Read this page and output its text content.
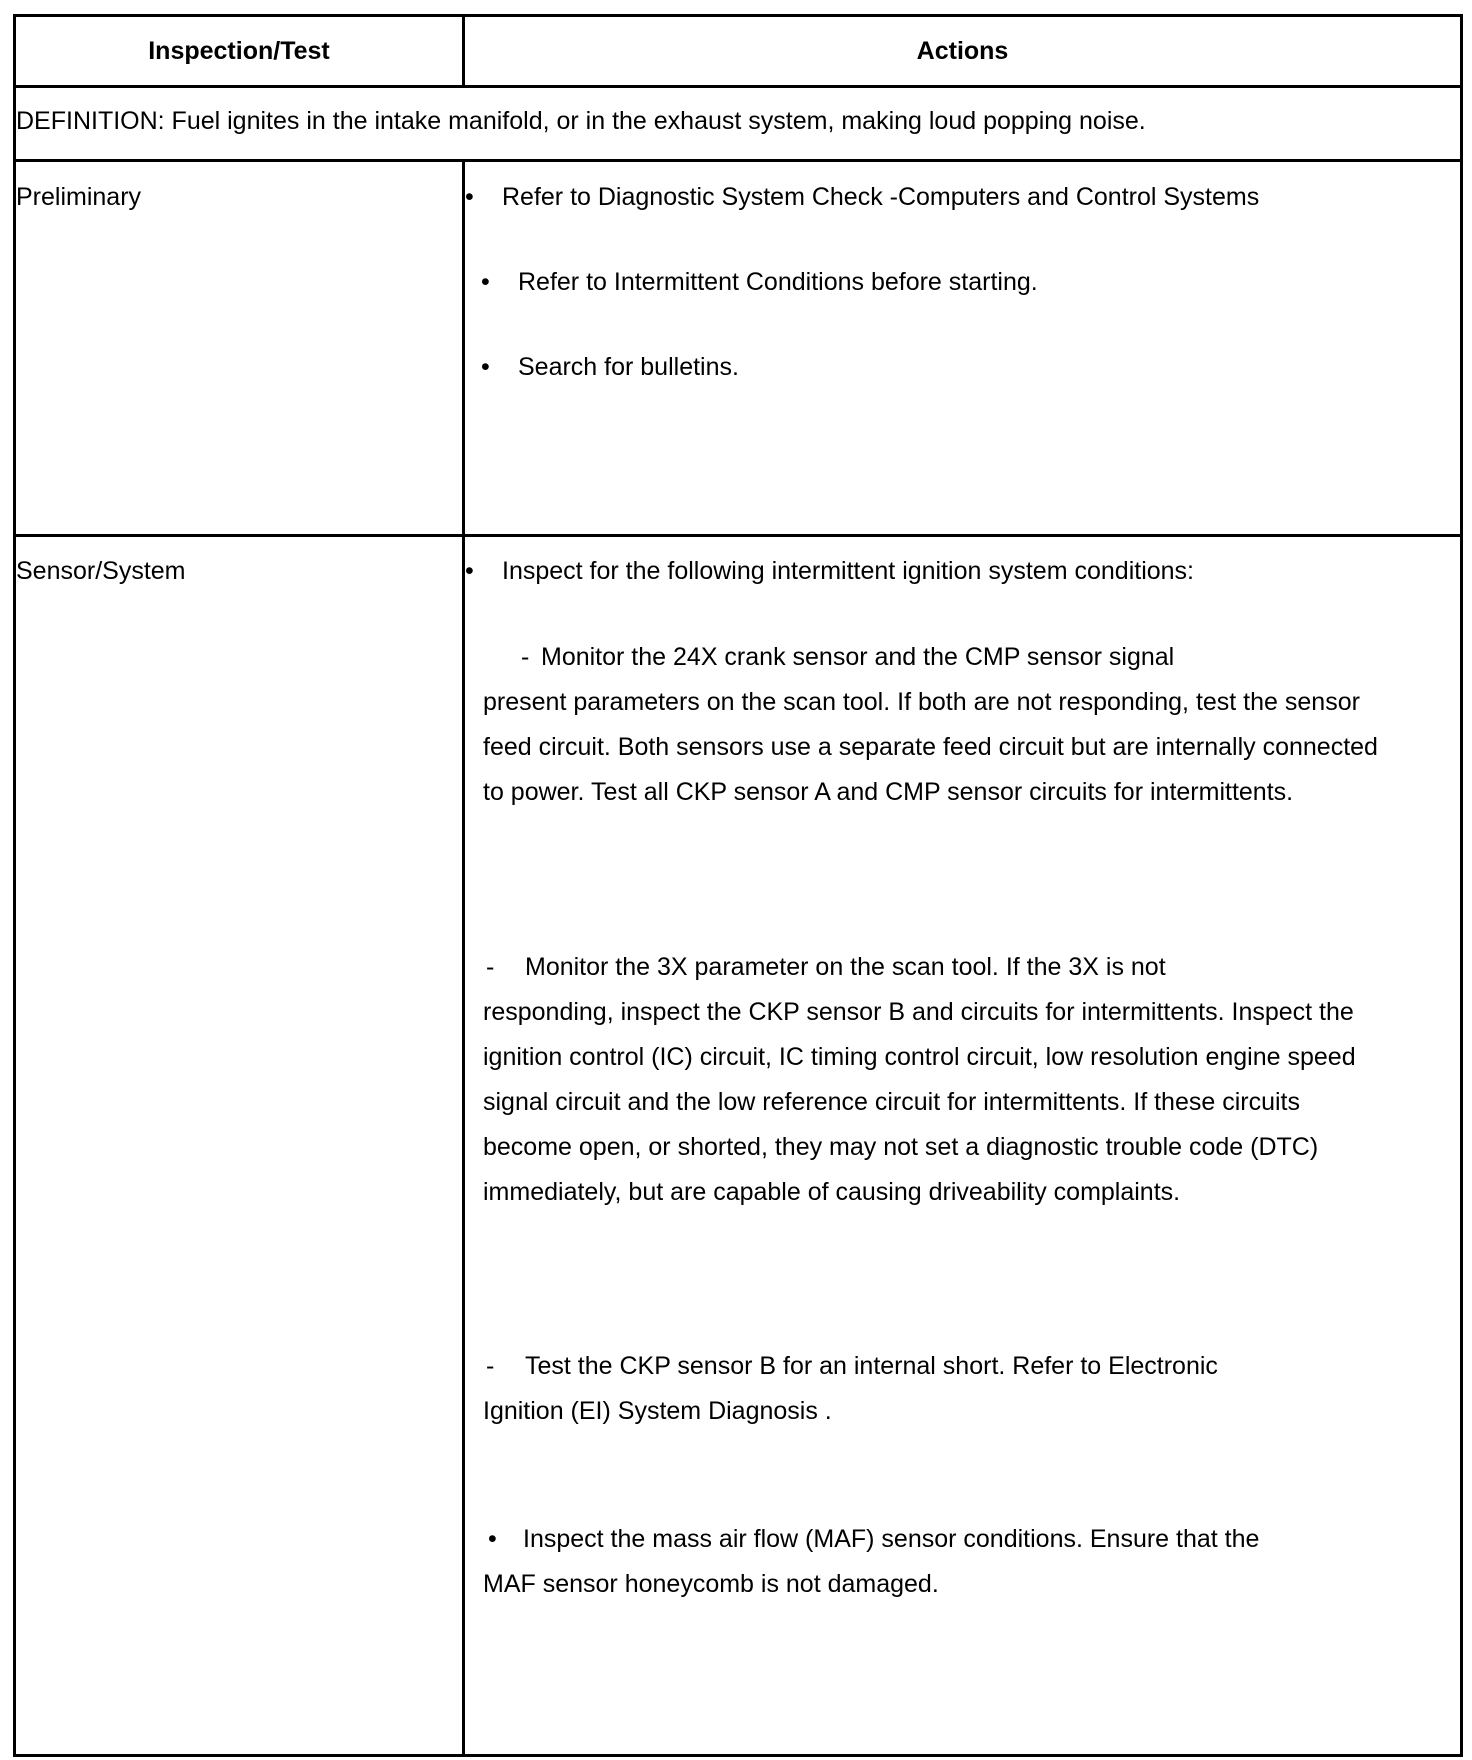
Inspection/Test	Actions
DEFINITION: Fuel ignites in the intake manifold, or in the exhaust system, making loud popping noise.
Preliminary	• Refer to Diagnostic System Check -Computers and Control Systems
• Refer to Intermittent Conditions before starting.
• Search for bulletins.
Sensor/System	• Inspect for the following intermittent ignition system conditions:
- Monitor the 24X crank sensor and the CMP sensor signal
present parameters on the scan tool. If both are not responding, test the sensor feed circuit. Both sensors use a separate feed circuit but are internally connected to power. Test all CKP sensor A and CMP sensor circuits for intermittents.
- Monitor the 3X parameter on the scan tool. If the 3X is not
responding, inspect the CKP sensor B and circuits for intermittents. Inspect the ignition control (IC) circuit, IC timing control circuit, low resolution engine speed signal circuit and the low reference circuit for intermittents. If these circuits become open, or shorted, they may not set a diagnostic trouble code (DTC) immediately, but are capable of causing driveability complaints.
- Test the CKP sensor B for an internal short. Refer to Electronic
Ignition (EI) System Diagnosis .
• Inspect the mass air flow (MAF) sensor conditions. Ensure that the
MAF sensor honeycomb is not damaged.
